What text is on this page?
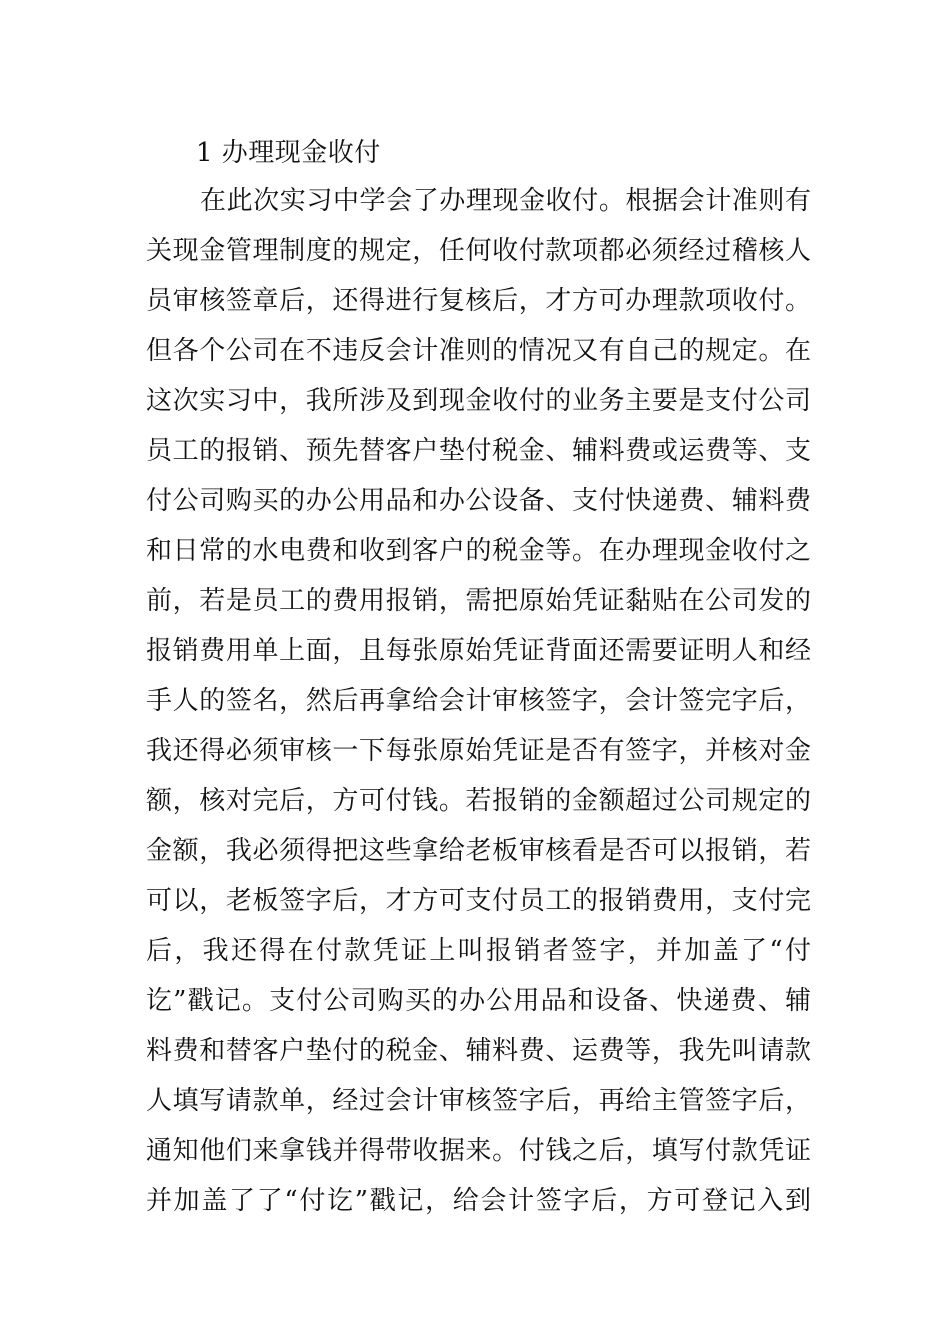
1 办理现金收付
在此次实习中学会了办理现金收付。根据会计准则有
关现金管理制度的规定，任何收付款项都必须经过稽核人
员审核签章后，还得进行复核后，才方可办理款项收付。
但各个公司在不违反会计准则的情况又有自己的规定。在
这次实习中，我所涉及到现金收付的业务主要是支付公司
员工的报销、预先替客户垫付税金、辅料费或运费等、支
付公司购买的办公用品和办公设备、支付快递费、辅料费
和日常的水电费和收到客户的税金等。在办理现金收付之
前，若是员工的费用报销，需把原始凭证黏贴在公司发的
报销费用单上面，且每张原始凭证背面还需要证明人和经
手人的签名，然后再拿给会计审核签字，会计签完字后，
我还得必须审核一下每张原始凭证是否有签字，并核对金
额，核对完后，方可付钱。若报销的金额超过公司规定的
金额，我必须得把这些拿给老板审核看是否可以报销，若
可以，老板签字后，才方可支付员工的报销费用，支付完
后，我还得在付款凭证上叫报销者签字，并加盖了“付
讫”戳记。支付公司购买的办公用品和设备、快递费、辅
料费和替客户垫付的税金、辅料费、运费等，我先叫请款
人填写请款单，经过会计审核签字后，再给主管签字后，
通知他们来拿钱并得带收据来。付钱之后，填写付款凭证
并加盖了了“付讫”戳记，给会计签字后，方可登记入到
